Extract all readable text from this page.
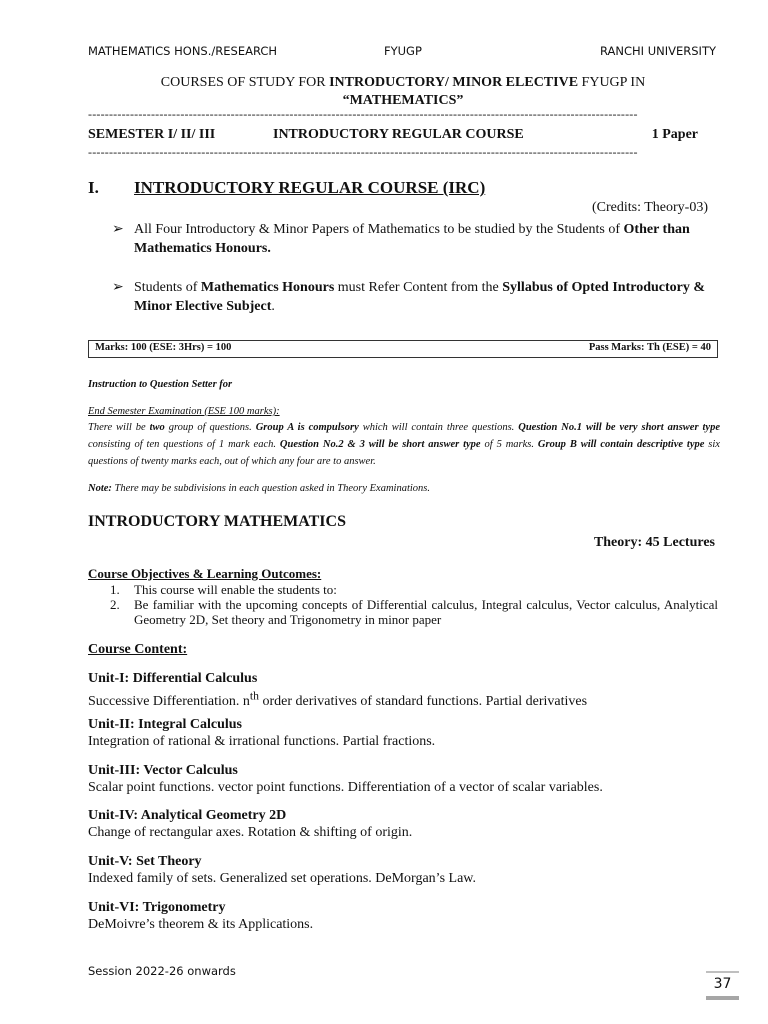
MATHEMATICS HONS./RESEARCH	FYUGP	RANCHI UNIVERSITY
COURSES OF STUDY FOR INTRODUCTORY/ MINOR ELECTIVE FYUGP IN
“MATHEMATICS”
-----------------------------------------------------------------------------------------------------------------------------------
SEMESTER I/ II/ III	INTRODUCTORY REGULAR COURSE	1 Paper
-----------------------------------------------------------------------------------------------------------------------------------
I. INTRODUCTORY REGULAR COURSE (IRC)
(Credits: Theory-03)
➢ All Four Introductory & Minor Papers of Mathematics to be studied by the Students of Other than Mathematics Honours.
➢ Students of Mathematics Honours must Refer Content from the Syllabus of Opted Introductory & Minor Elective Subject.
Marks: 100 (ESE: 3Hrs) = 100	Pass Marks: Th (ESE) = 40
Instruction to Question Setter for
End Semester Examination (ESE 100 marks):
There will be two group of questions. Group A is compulsory which will contain three questions. Question No.1 will be very short answer type consisting of ten questions of 1 mark each. Question No.2 & 3 will be short answer type of 5 marks. Group B will contain descriptive type six questions of twenty marks each, out of which any four are to answer.
Note: There may be subdivisions in each question asked in Theory Examinations.
INTRODUCTORY MATHEMATICS
Theory: 45 Lectures
Course Objectives & Learning Outcomes:
1. This course will enable the students to:
2. Be familiar with the upcoming concepts of Differential calculus, Integral calculus, Vector calculus, Analytical Geometry 2D, Set theory and Trigonometry in minor paper
Course Content:
Unit-I: Differential Calculus
Successive Differentiation. $n^{th}$ order derivatives of standard functions. Partial derivatives
Unit-II: Integral Calculus
Integration of rational & irrational functions. Partial fractions.
Unit-III: Vector Calculus
Scalar point functions. vector point functions. Differentiation of a vector of scalar variables.
Unit-IV: Analytical Geometry 2D
Change of rectangular axes. Rotation & shifting of origin.
Unit-V: Set Theory
Indexed family of sets. Generalized set operations. DeMorgan’s Law.
Unit-VI: Trigonometry
DeMoivre’s theorem & its Applications.
Session 2022-26 onwards
37
